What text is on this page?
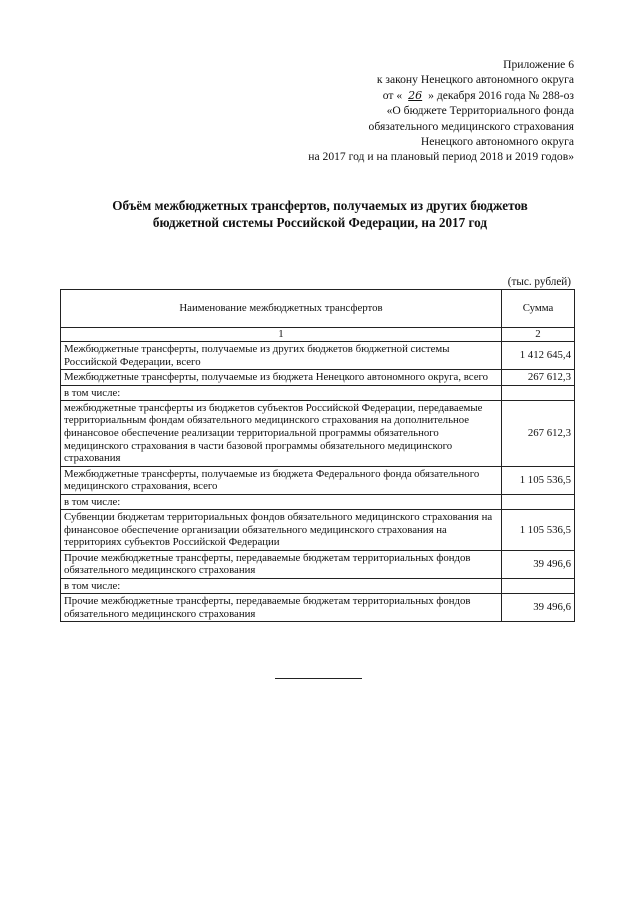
Приложение 6
к закону Ненецкого автономного округа
от « 26 » декабря 2016 года № 288-оз
«О бюджете Территориального фонда
обязательного медицинского страхования
Ненецкого автономного округа
на 2017 год и на плановый период 2018 и 2019 годов»
Объём межбюджетных трансфертов, получаемых из других бюджетов
бюджетной системы Российской Федерации, на 2017 год
(тыс. рублей)
Наименование межбюджетных трансфертов	Сумма
1	2
Межбюджетные трансферты, получаемые из других бюджетов бюджетной системы Российской Федерации, всего	1 412 645,4
Межбюджетные трансферты, получаемые из бюджета Ненецкого автономного округа, всего	267 612,3
в том числе:	
межбюджетные трансферты из бюджетов субъектов Российской Федерации, передаваемые территориальным фондам обязательного медицинского страхования на дополнительное финансовое обеспечение реализации территориальной программы обязательного медицинского страхования в части базовой программы обязательного медицинского страхования	267 612,3
Межбюджетные трансферты, получаемые из бюджета Федерального фонда обязательного медицинского страхования, всего	1 105 536,5
в том числе:	
Субвенции бюджетам территориальных фондов обязательного медицинского страхования на финансовое обеспечение организации обязательного медицинского страхования на территориях субъектов Российской Федерации	1 105 536,5
Прочие межбюджетные трансферты, передаваемые бюджетам территориальных фондов обязательного медицинского страхования	39 496,6
в том числе:	
Прочие межбюджетные трансферты, передаваемые бюджетам территориальных фондов обязательного медицинского страхования	39 496,6
